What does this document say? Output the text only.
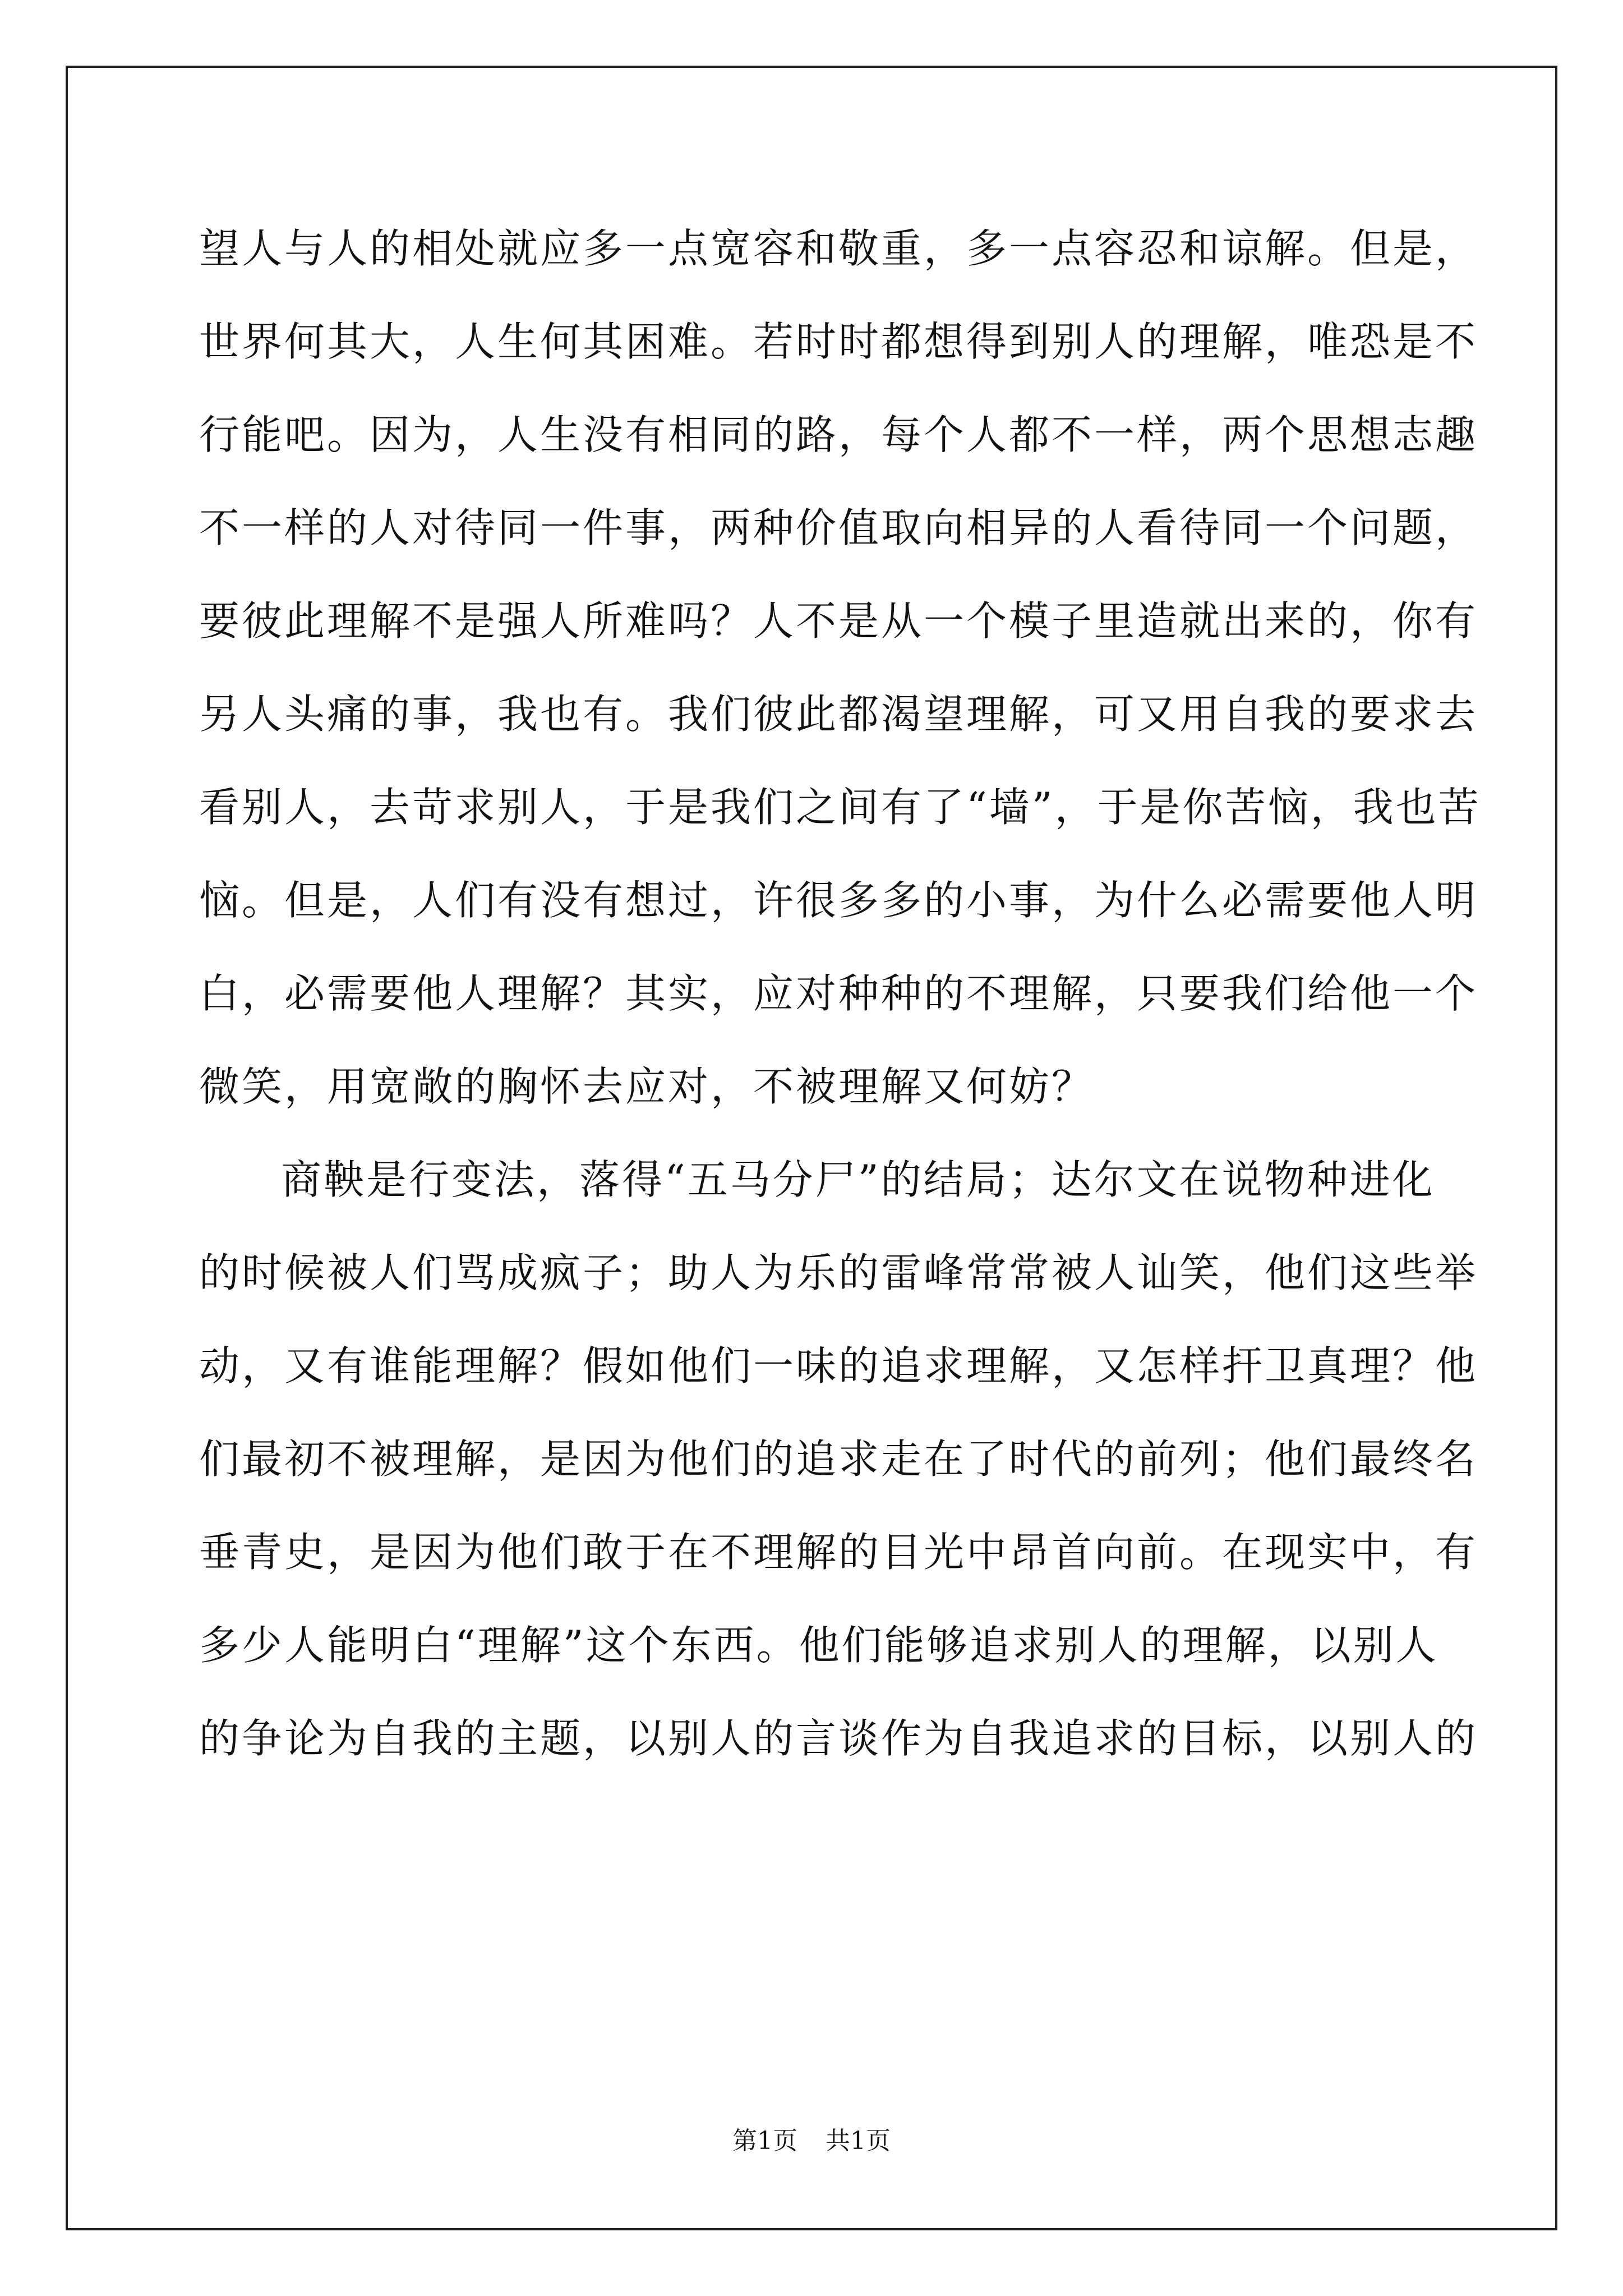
望人与人的相处就应多一点宽容和敬重，多一点容忍和谅解。但是，
世界何其大，人生何其困难。若时时都想得到别人的理解，唯恐是不
行能吧。因为，人生没有相同的路，每个人都不一样，两个思想志趣
不一样的人对待同一件事，两种价值取向相异的人看待同一个问题，
要彼此理解不是强人所难吗？人不是从一个模子里造就出来的，你有
另人头痛的事，我也有。我们彼此都渴望理解，可又用自我的要求去
看别人，去苛求别人，于是我们之间有了“墙”，于是你苦恼，我也苦
恼。但是，人们有没有想过，许很多多的小事，为什么必需要他人明
白，必需要他人理解？其实，应对种种的不理解，只要我们给他一个
微笑，用宽敞的胸怀去应对，不被理解又何妨？
商鞅是行变法，落得“五马分尸”的结局；达尔文在说物种进化
的时候被人们骂成疯子；助人为乐的雷峰常常被人讪笑，他们这些举
动，又有谁能理解？假如他们一味的追求理解，又怎样扞卫真理？他
们最初不被理解，是因为他们的追求走在了时代的前列；他们最终名
垂青史，是因为他们敢于在不理解的目光中昂首向前。在现实中，有
多少人能明白“理解”这个东西。他们能够追求别人的理解，以别人
的争论为自我的主题，以别人的言谈作为自我追求的目标，以别人的
第1页 共1页
